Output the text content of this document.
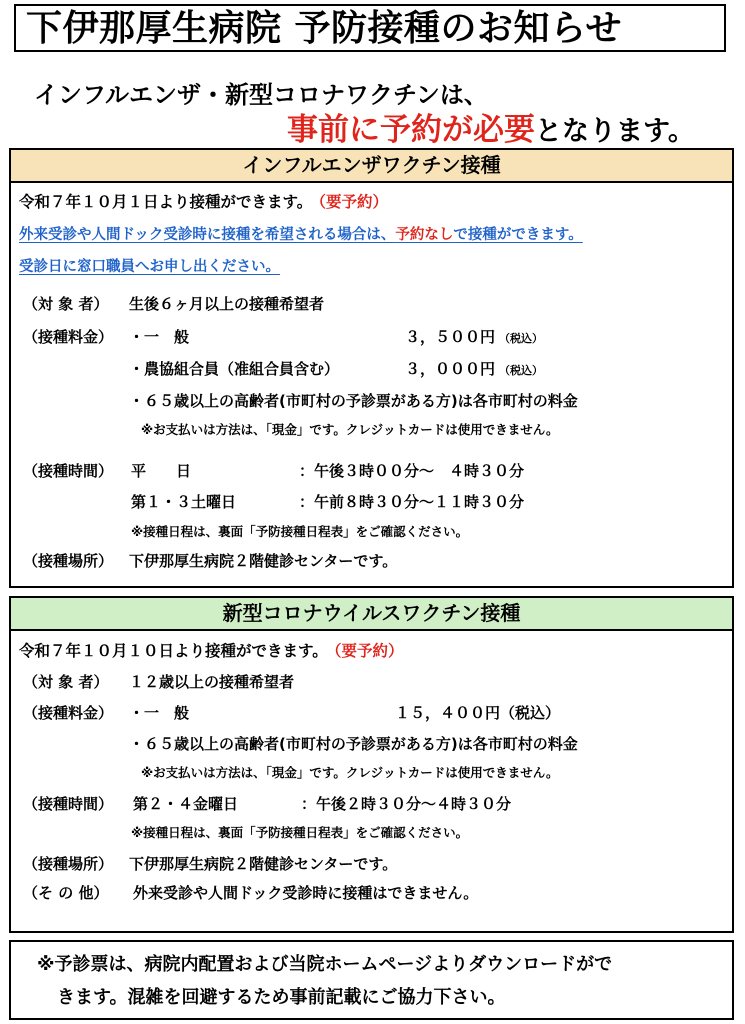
下伊那厚生病院 予防接種のお知らせ
インフルエンザ・新型コロナワクチンは、
事前に予約が必要となります。
インフルエンザワクチン接種
令和７年１０月１日より接種ができます。 （要予約）
外来受診や人間ドック受診時に接種を希望される場合は、予約なしで接種ができます。
受診日に窓口職員へお申し出ください。
（対 象 者） 生後６ヶ月以上の接種希望者
（接種料金） ・一　般	３，５００円 （税込）
・農協組合員（准組合員含む）	３，０００円 （税込）
・６５歳以上の高齢者(市町村の予診票がある方)は各市町村の料金
※お支払いは方法は、「現金」です。クレジットカードは使用できません。
（接種時間） 平　　日	：午後３時００分～　４時３０分
第１・３土曜日	：午前８時３０分～１１時３０分
※接種日程は、裏面「予防接種日程表」をご確認ください。
（接種場所） 下伊那厚生病院２階健診センターです。
新型コロナウイルスワクチン接種
令和７年１０月１０日より接種ができます。 （要予約）
（対 象 者） １２歳以上の接種希望者
（接種料金） ・一　般	１５，４００円（税込）
・６５歳以上の高齢者(市町村の予診票がある方)は各市町村の料金
※お支払いは方法は、「現金」です。クレジットカードは使用できません。
（接種時間） 第２・４金曜日	：午後２時３０分～４時３０分
※接種日程は、裏面「予防接種日程表」をご確認ください。
（接種場所） 下伊那厚生病院２階健診センターです。
（そ の 他） 外来受診や人間ドック受診時に接種はできません。
※予診票は、病院内配置および当院ホームページよりダウンロードがで
きます。混雑を回避するため事前記載にご協力下さい。
